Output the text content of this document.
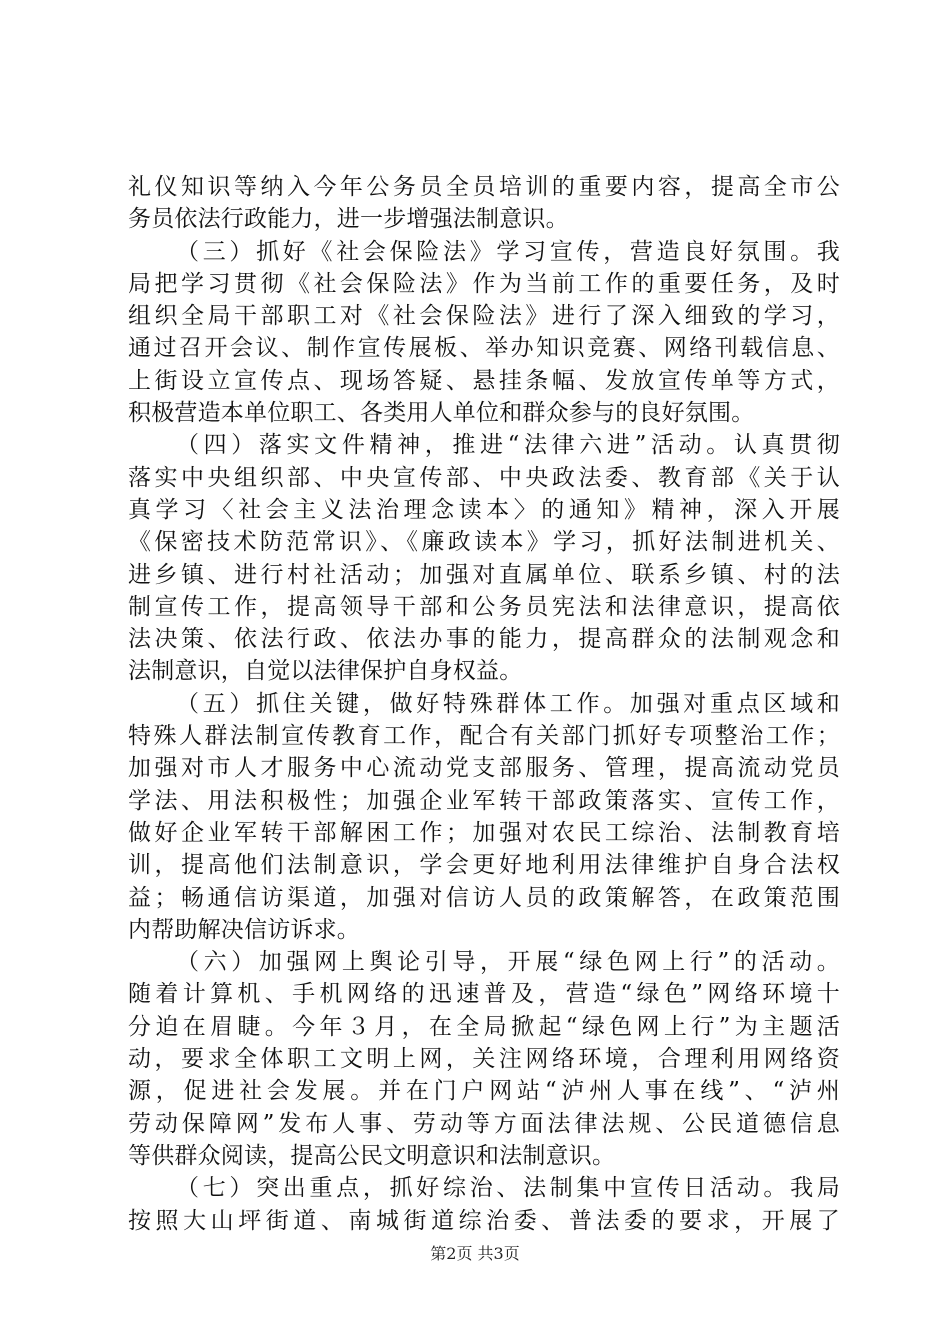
礼仪知识等纳入今年公务员全员培训的重要内容，提高全市公
务员依法行政能力，进一步增强法制意识。
（三）抓好《社会保险法》学习宣传，营造良好氛围。我
局把学习贯彻《社会保险法》作为当前工作的重要任务，及时
组织全局干部职工对《社会保险法》进行了深入细致的学习，
通过召开会议、制作宣传展板、举办知识竞赛、网络刊载信息、
上街设立宣传点、现场答疑、悬挂条幅、发放宣传单等方式，
积极营造本单位职工、各类用人单位和群众参与的良好氛围。
（四）落实文件精神，推进“法律六进”活动。认真贯彻
落实中央组织部、中央宣传部、中央政法委、教育部《关于认
真学习〈社会主义法治理念读本〉的通知》精神，深入开展
《保密技术防范常识》、《廉政读本》学习，抓好法制进机关、
进乡镇、进行村社活动；加强对直属单位、联系乡镇、村的法
制宣传工作，提高领导干部和公务员宪法和法律意识，提高依
法决策、依法行政、依法办事的能力，提高群众的法制观念和
法制意识，自觉以法律保护自身权益。
（五）抓住关键，做好特殊群体工作。加强对重点区域和
特殊人群法制宣传教育工作，配合有关部门抓好专项整治工作；
加强对市人才服务中心流动党支部服务、管理，提高流动党员
学法、用法积极性；加强企业军转干部政策落实、宣传工作，
做好企业军转干部解困工作；加强对农民工综治、法制教育培
训，提高他们法制意识，学会更好地利用法律维护自身合法权
益；畅通信访渠道，加强对信访人员的政策解答，在政策范围
内帮助解决信访诉求。
（六）加强网上舆论引导，开展“绿色网上行”的活动。
随着计算机、手机网络的迅速普及，营造“绿色”网络环境十
分迫在眉睫。今年３月，在全局掀起“绿色网上行”为主题活
动，要求全体职工文明上网，关注网络环境，合理利用网络资
源，促进社会发展。并在门户网站“泸州人事在线”、“泸州
劳动保障网”发布人事、劳动等方面法律法规、公民道德信息
等供群众阅读，提高公民文明意识和法制意识。
（七）突出重点，抓好综治、法制集中宣传日活动。我局
按照大山坪街道、南城街道综治委、普法委的要求，开展了
第2页 共3页
